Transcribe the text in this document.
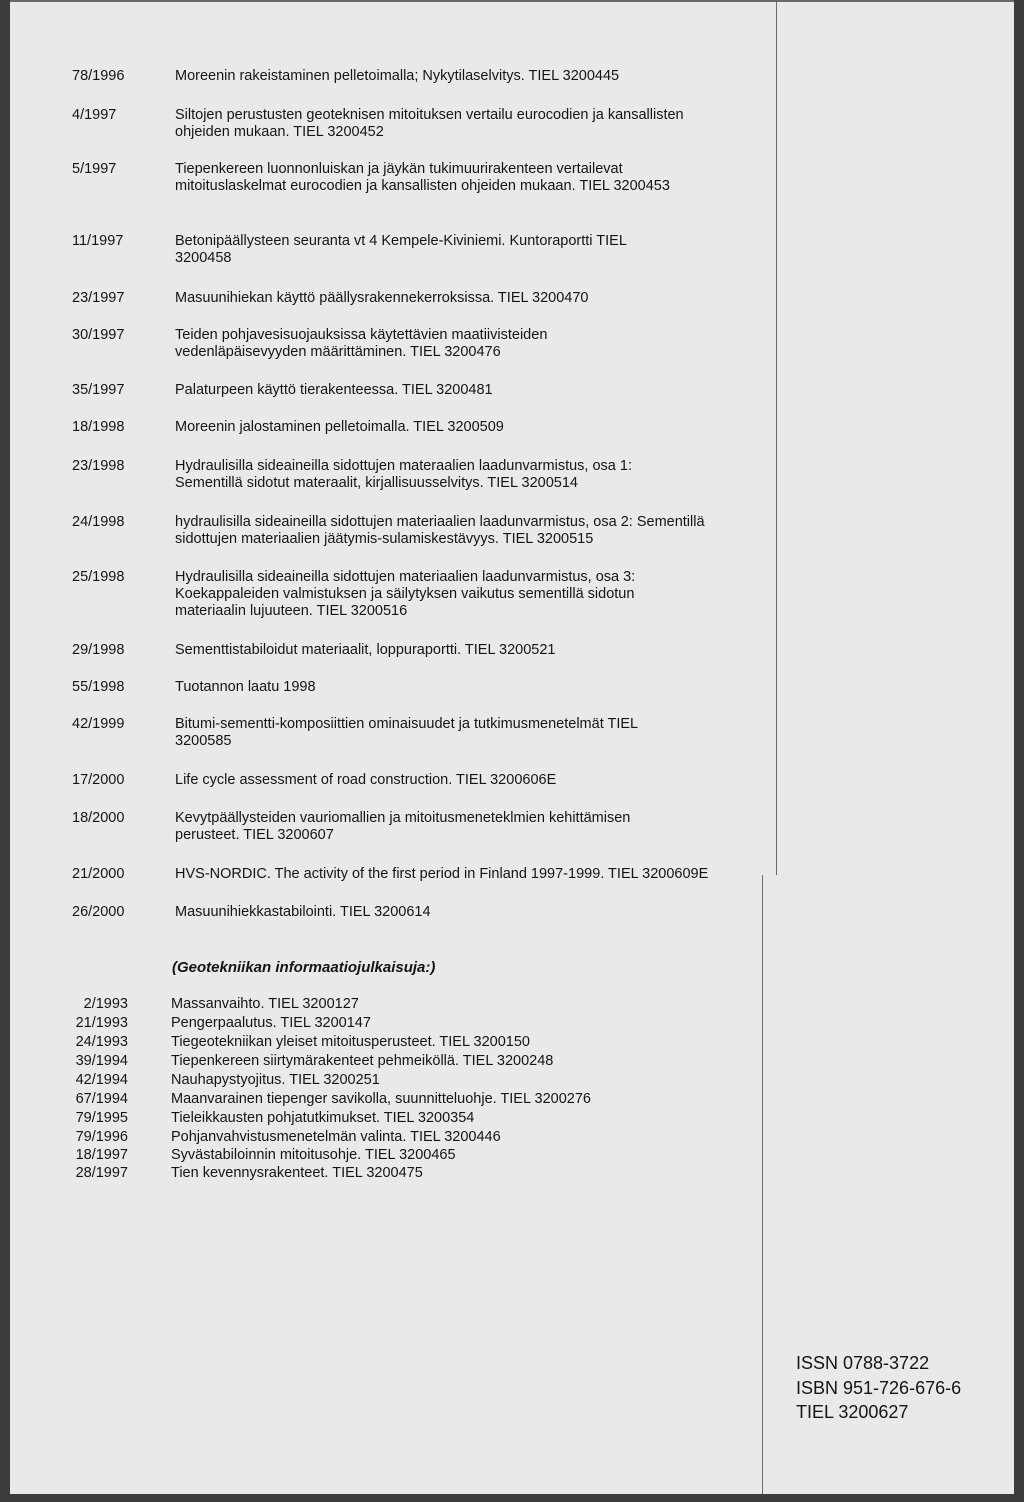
78/1996	Moreenin rakeistaminen pelletoimalla; Nykytilaselvitys. TIEL 3200445
4/1997	Siltojen perustusten geoteknisen mitoituksen vertailu eurocodien ja kansallisten ohjeiden mukaan. TIEL 3200452
5/1997	Tiepenkereen luonnonluiskan ja jäykän tukimuurirakenteen vertailevat mitoituslaskelmat eurocodien ja kansallisten ohjeiden mukaan. TIEL 3200453
11/1997	Betonipäällysteen seuranta vt 4 Kempele-Kiviniemi. Kuntoraportti TIEL 3200458
23/1997	Masuunihiekan käyttö päällysrakennekerroksissa. TIEL 3200470
30/1997	Teiden pohjavesisuojauksissa käytettävien maatiivisteiden vedenläpäisevyyden määrittäminen. TIEL 3200476
35/1997	Palaturpeen käyttö tierakenteessa. TIEL 3200481
18/1998	Moreenin jalostaminen pelletoimalla. TIEL 3200509
23/1998	Hydraulisilla sideaineilla sidottujen materaalien laadunvarmistus, osa 1: Sementillä sidotut materaalit, kirjallisuusselvitys. TIEL 3200514
24/1998	hydraulisilla sideaineilla sidottujen materiaalien laadunvarmistus, osa 2: Sementillä sidottujen materiaalien jäätymis-sulamiskestävyys. TIEL 3200515
25/1998	Hydraulisilla sideaineilla sidottujen materiaalien laadunvarmistus, osa 3: Koekappaleiden valmistuksen ja säilytyksen vaikutus sementillä sidotun materiaalin lujuuteen. TIEL 3200516
29/1998	Sementtistabiloidut materiaalit, loppuraportti. TIEL 3200521
55/1998	Tuotannon laatu 1998
42/1999	Bitumi-sementti-komposiittien ominaisuudet ja tutkimusmenetelmät TIEL 3200585
17/2000	Life cycle assessment of road construction. TIEL 3200606E
18/2000	Kevytpäällysteiden vauriomallien ja mitoitusmeneteklmien kehittämisen perusteet. TIEL 3200607
21/2000	HVS-NORDIC. The activity of the first period in Finland 1997-1999. TIEL 3200609E
26/2000	Masuunihiekkastabilointi. TIEL 3200614
(Geotekniikan informaatiojulkaisuja:)
2/1993	Massanvaihto. TIEL 3200127
21/1993	Pengerpaalutus. TIEL 3200147
24/1993	Tiegeotekniikan yleiset mitoitusperusteet. TIEL 3200150
39/1994	Tiepenkereen siirtymärakenteet pehmeiköllä. TIEL 3200248
42/1994	Nauhapystyojitus. TIEL 3200251
67/1994	Maanvarainen tiepenger savikolla, suunnitteluohje. TIEL 3200276
79/1995	Tieleikkausten pohjatutkimukset. TIEL 3200354
79/1996	Pohjanvahvistusmenetelmän valinta. TIEL 3200446
18/1997	Syvästabiloinnin mitoitusohje. TIEL 3200465
28/1997	Tien kevennysrakenteet. TIEL 3200475
ISSN 0788-3722
ISBN 951-726-676-6
TIEL 3200627
